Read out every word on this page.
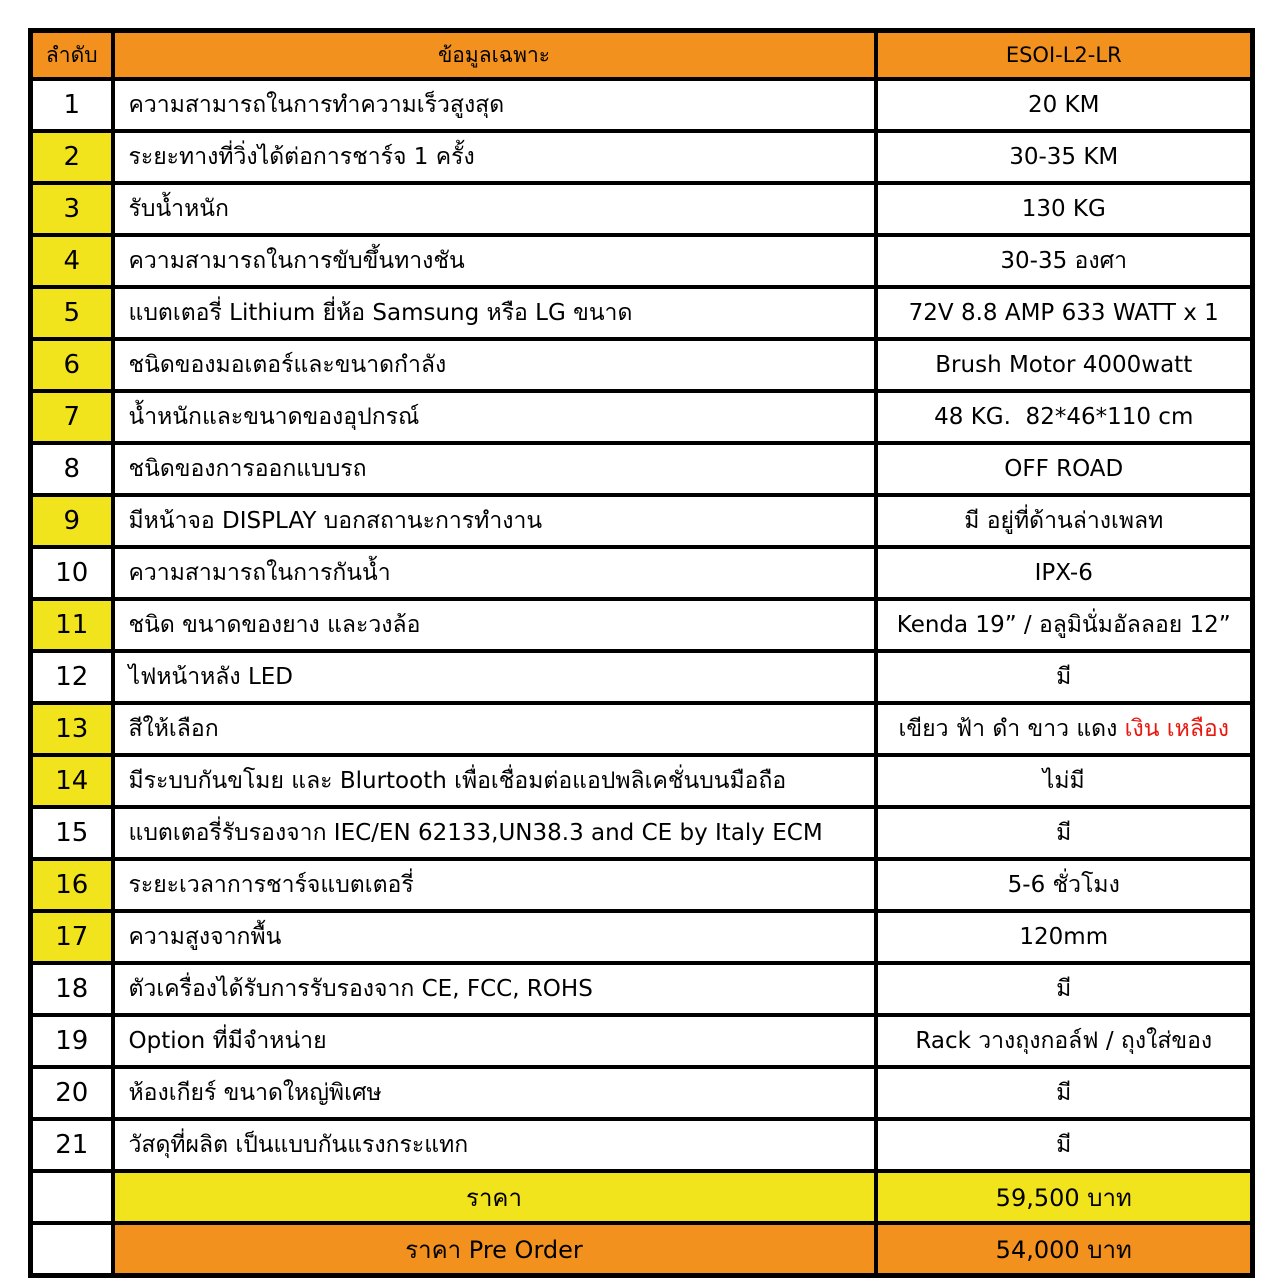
ลำดับ	ข้อมูลเฉพาะ	ESOI-L2-LR
1	ความสามารถในการทำความเร็วสูงสุด	20 KM
2	ระยะทางที่วิ่งได้ต่อการชาร์จ 1 ครั้ง	30-35 KM
3	รับน้ำหนัก	130 KG
4	ความสามารถในการขับขึ้นทางชัน	30-35 องศา
5	แบตเตอรี่ Lithium ยี่ห้อ Samsung หรือ LG ขนาด	72V 8.8 AMP 633 WATT x 1
6	ชนิดของมอเตอร์และขนาดกำลัง	Brush Motor 4000watt
7	น้ำหนักและขนาดของอุปกรณ์	48 KG.  82*46*110 cm
8	ชนิดของการออกแบบรถ	OFF ROAD
9	มีหน้าจอ DISPLAY บอกสถานะการทำงาน	มี อยู่ที่ด้านล่างเพลท
10	ความสามารถในการกันน้ำ	IPX-6
11	ชนิด ขนาดของยาง และวงล้อ	Kenda 19” / อลูมินั่มอัลลอย 12”
12	ไฟหน้าหลัง LED	มี
13	สีให้เลือก	เขียว ฟ้า ดำ ขาว แดง เงิน เหลือง
14	มีระบบกันขโมย และ Blurtooth เพื่อเชื่อมต่อแอปพลิเคชั่นบนมือถือ	ไม่มี
15	แบตเตอรี่รับรองจาก IEC/EN 62133,UN38.3 and CE by Italy ECM	มี
16	ระยะเวลาการชาร์จแบตเตอรี่	5-6 ชั่วโมง
17	ความสูงจากพื้น	120mm
18	ตัวเครื่องได้รับการรับรองจาก CE, FCC, ROHS	มี
19	Option ที่มีจำหน่าย	Rack วางถุงกอล์ฟ / ถุงใส่ของ
20	ห้องเกียร์ ขนาดใหญ่พิเศษ	มี
21	วัสดุที่ผลิต เป็นแบบกันแรงกระแทก	มี
	ราคา	59,500 บาท
	ราคา Pre Order	54,000 บาท
